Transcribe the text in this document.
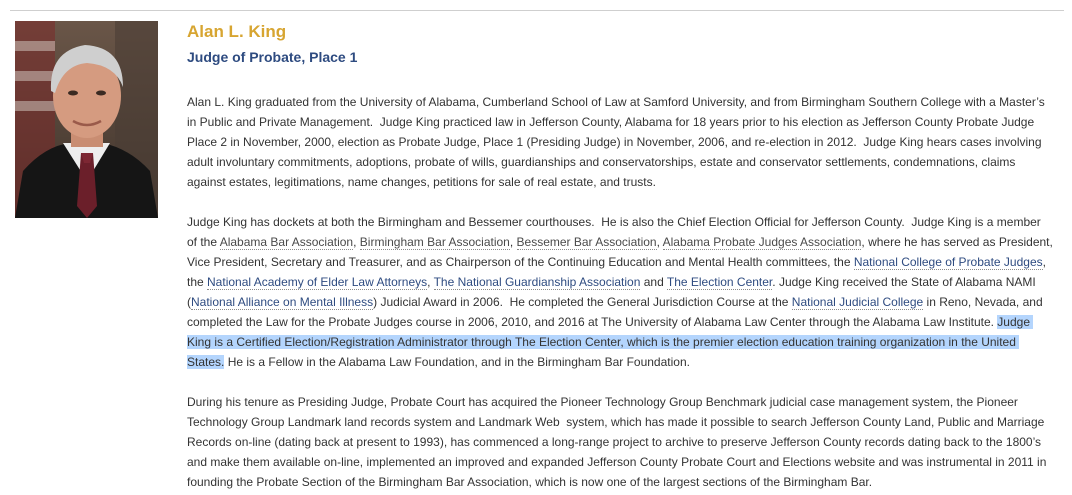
Alan L. King
Judge of Probate, Place 1

Alan L. King graduated from the University of Alabama, Cumberland School of Law at Samford University, and from Birmingham Southern College with a Master’s in Public and Private Management.  Judge King practiced law in Jefferson County, Alabama for 18 years prior to his election as Jefferson County Probate Judge Place 2 in November, 2000, election as Probate Judge, Place 1 (Presiding Judge) in November, 2006, and re-election in 2012.  Judge King hears cases involving adult involuntary commitments, adoptions, probate of wills, guardianships and conservatorships, estate and conservator settlements, condemnations, claims against estates, legitimations, name changes, petitions for sale of real estate, and trusts.

Judge King has dockets at both the Birmingham and Bessemer courthouses.  He is also the Chief Election Official for Jefferson County.  Judge King is a member of the Alabama Bar Association, Birmingham Bar Association, Bessemer Bar Association, Alabama Probate Judges Association, where he has served as President, Vice President, Secretary and Treasurer, and as Chairperson of the Continuing Education and Mental Health committees, the National College of Probate Judges, the National Academy of Elder Law Attorneys, The National Guardianship Association and The Election Center. Judge King received the State of Alabama NAMI (National Alliance on Mental Illness) Judicial Award in 2006.  He completed the General Jurisdiction Course at the National Judicial College in Reno, Nevada, and completed the Law for the Probate Judges course in 2006, 2010, and 2016 at The University of Alabama Law Center through the Alabama Law Institute. Judge King is a Certified Election/Registration Administrator through The Election Center, which is the premier election education training organization in the United States. He is a Fellow in the Alabama Law Foundation, and in the Birmingham Bar Foundation.

During his tenure as Presiding Judge, Probate Court has acquired the Pioneer Technology Group Benchmark judicial case management system, the Pioneer Technology Group Landmark land records system and Landmark Web  system, which has made it possible to search Jefferson County Land, Public and Marriage Records on-line (dating back at present to 1993), has commenced a long-range project to archive to preserve Jefferson County records dating back to the 1800’s and make them available on-line, implemented an improved and expanded Jefferson County Probate Court and Elections website and was instrumental in 2011 in founding the Probate Section of the Birmingham Bar Association, which is now one of the largest sections of the Birmingham Bar.
